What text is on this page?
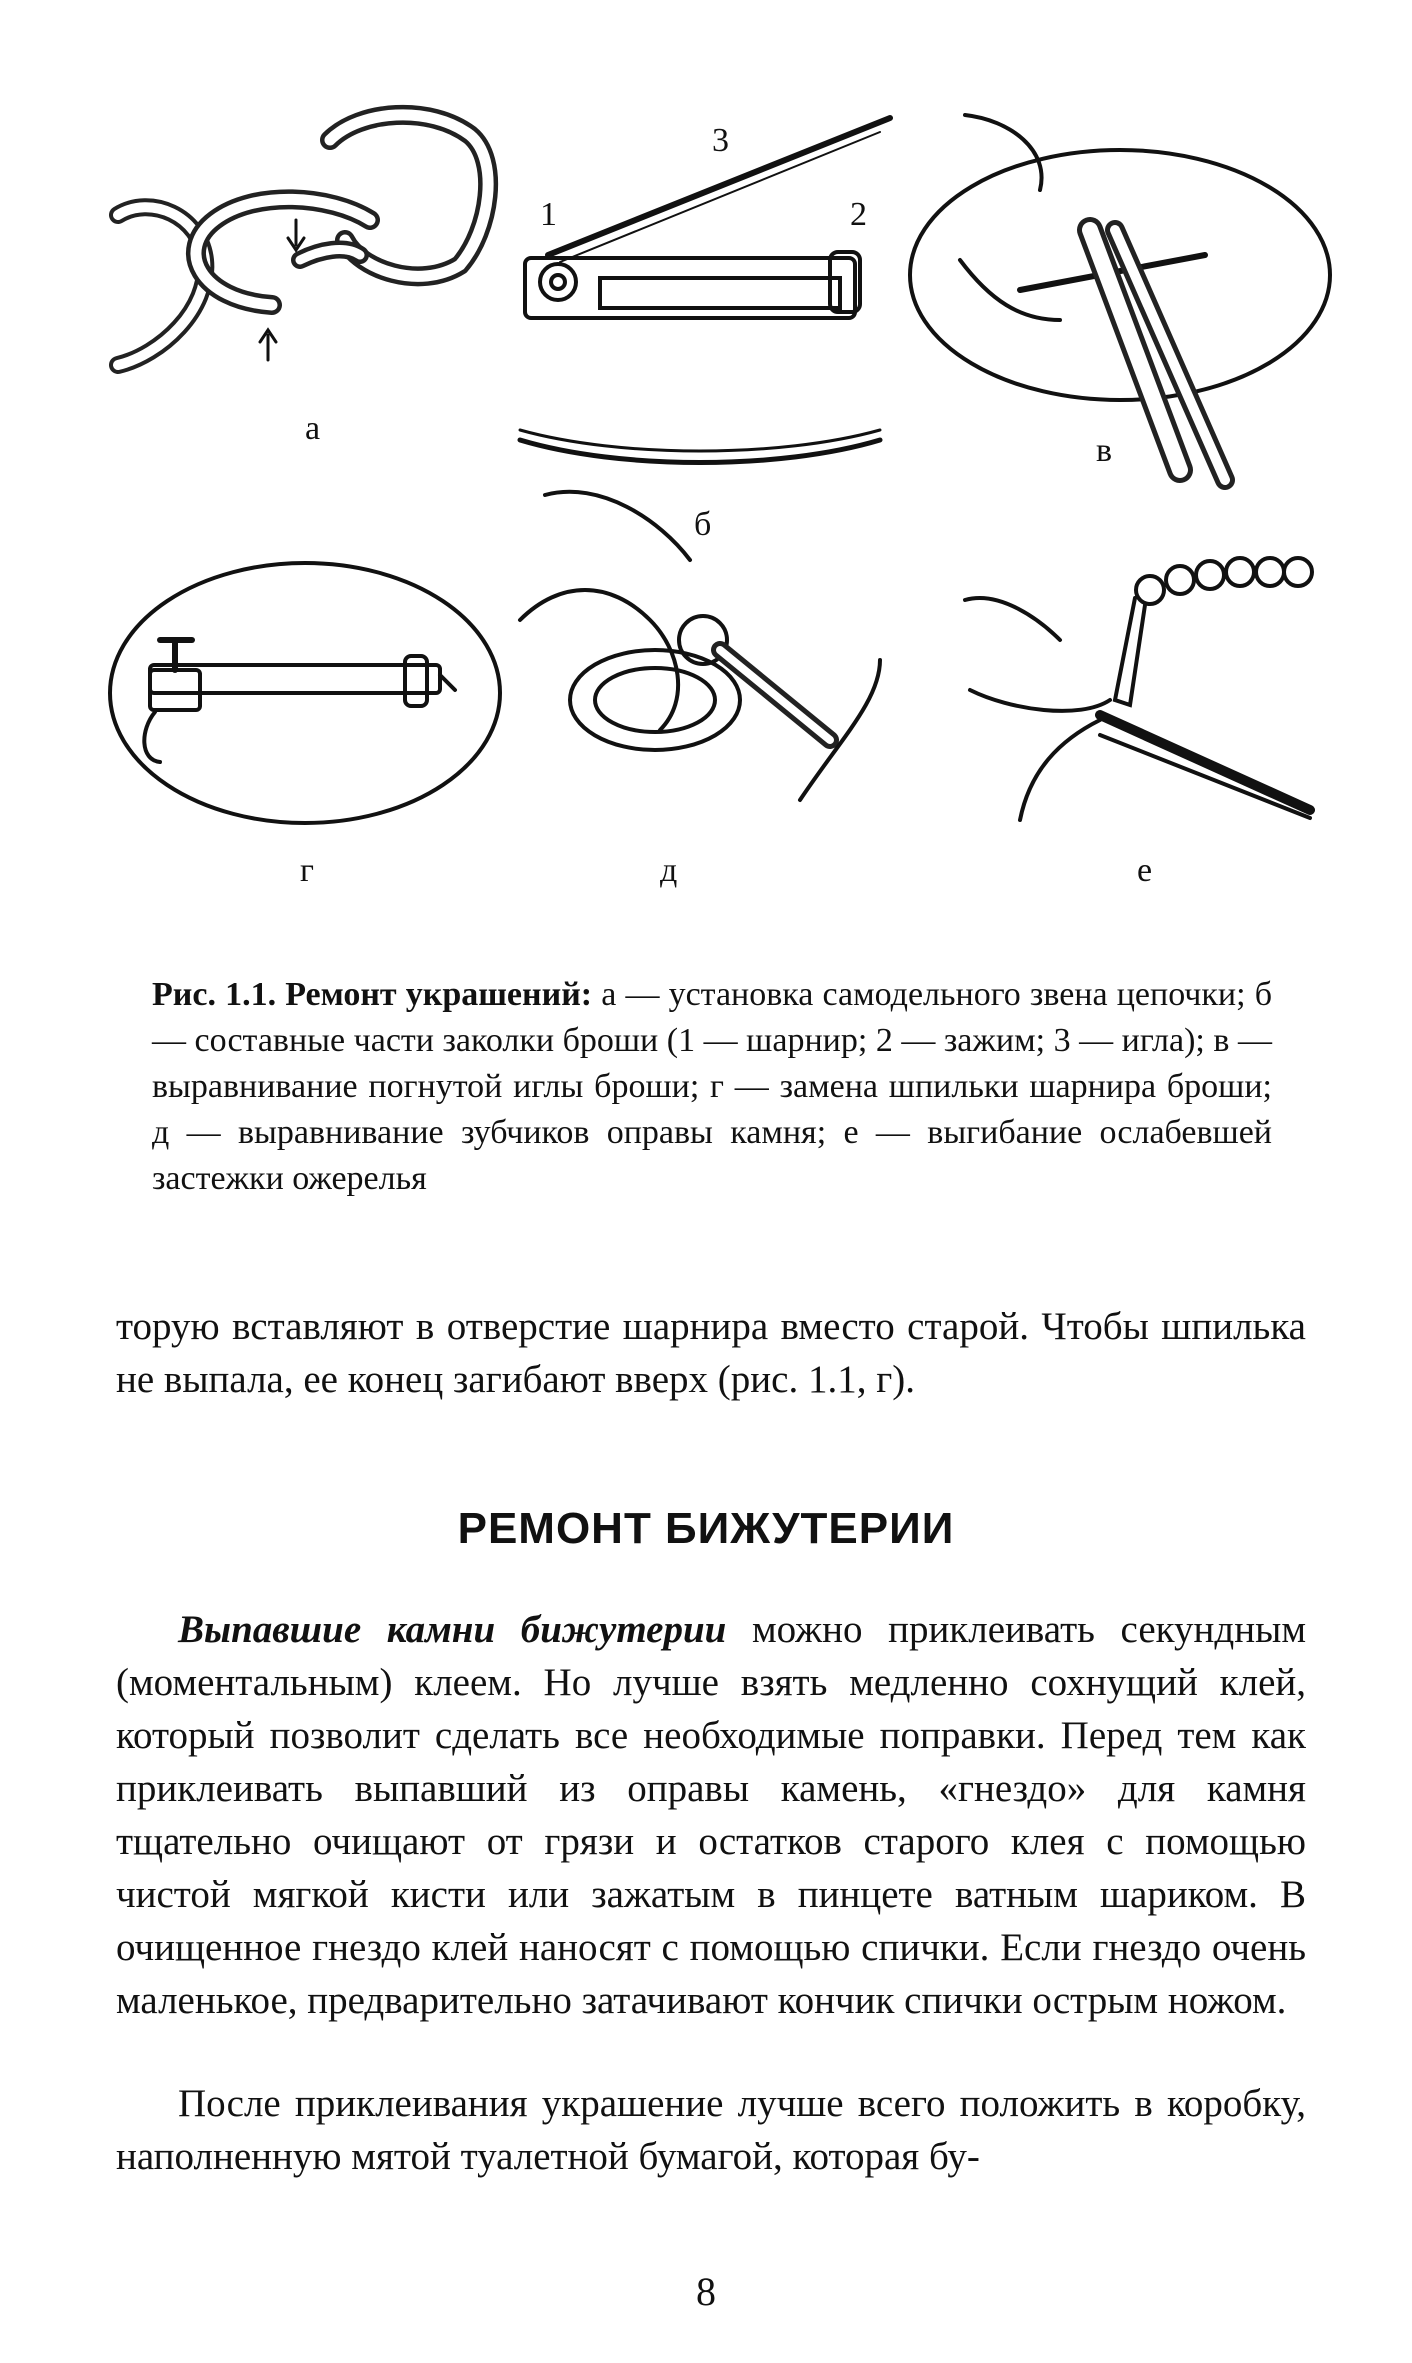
а
3
1	2
б
в
г	д	е
Рис. 1.1. Ремонт украшений: а — установка самодельного звена цепочки; б — составные части заколки броши (1 — шарнир; 2 — зажим; 3 — игла); в — выравнивание погнутой иглы броши; г — замена шпильки шарнира броши; д — выравнивание зубчиков оправы камня; е — выгибание ослабевшей застежки ожерелья
торую вставляют в отверстие шарнира вместо старой. Чтобы шпилька не выпала, ее конец загибают вверх (рис. 1.1, г).
РЕМОНТ БИЖУТЕРИИ
Выпавшие камни бижутерии можно приклеивать секундным (моментальным) клеем. Но лучше взять медленно сохнущий клей, который позволит сделать все необходимые поправки. Перед тем как приклеивать выпавший из оправы камень, «гнездо» для камня тщательно очищают от грязи и остатков старого клея с помощью чистой мягкой кисти или зажатым в пинцете ватным шариком. В очищенное гнездо клей наносят с помощью спички. Если гнездо очень маленькое, предварительно затачивают кончик спички острым ножом.
После приклеивания украшение лучше всего положить в коробку, наполненную мятой туалетной бумагой, которая бу-
8
